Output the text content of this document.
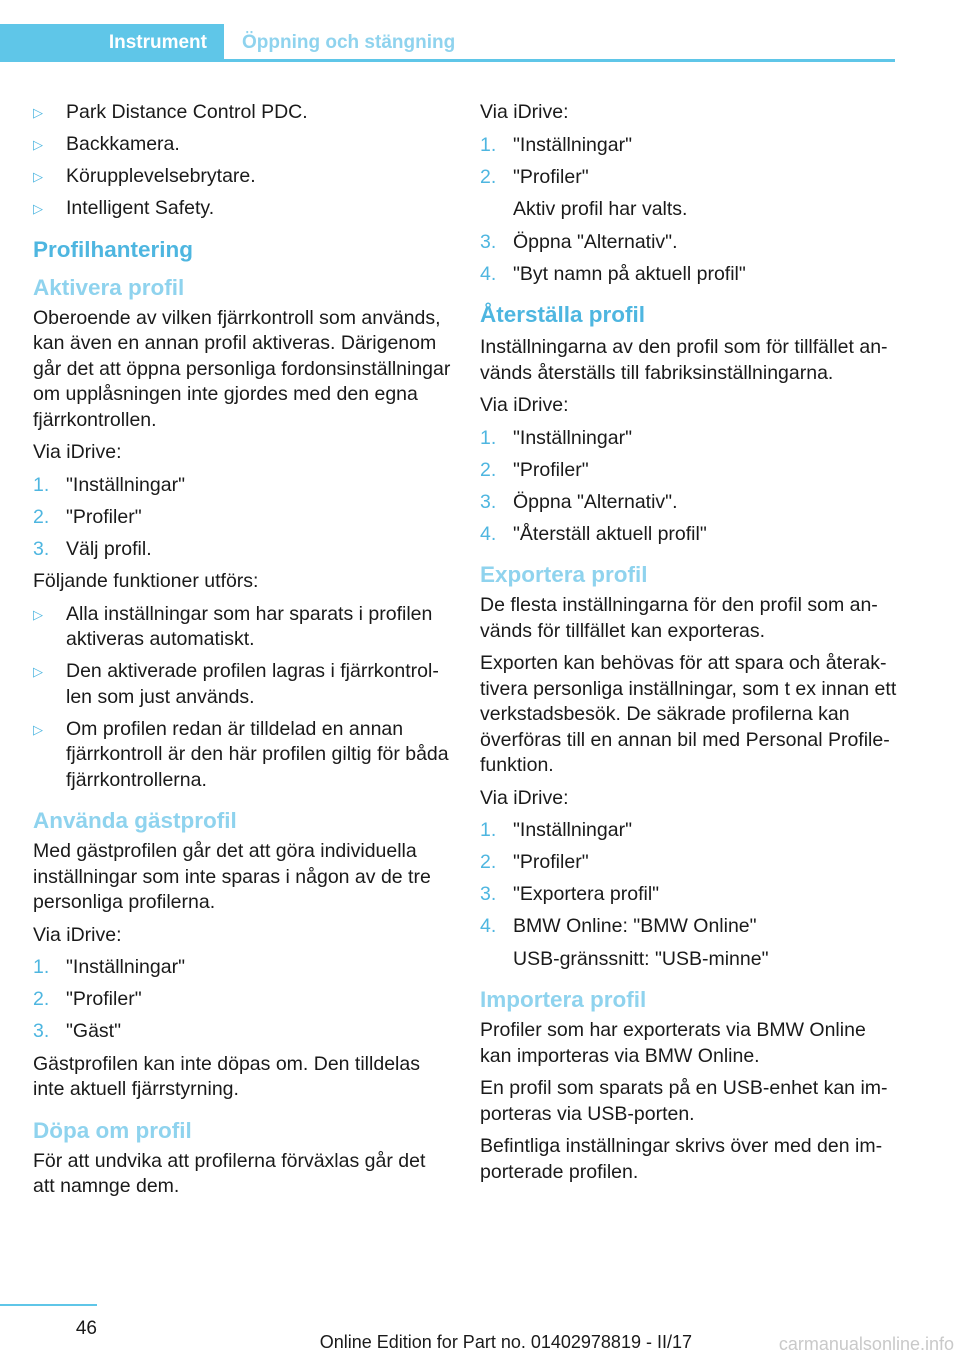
Instrument	Öppning och stängning
▷ Park Distance Control PDC.
▷ Backkamera.
▷ Körupplevelsebrytare.
▷ Intelligent Safety.
Profilhantering
Aktivera profil

Oberoende av vilken fjärrkontroll som används, kan även en annan profil aktiveras. Därigenom går det att öppna personliga fordonsinställningar om upplåsningen inte gjordes med den egna fjärrkontrollen.

Via iDrive:

1. "Inställningar"
2. "Profiler"
3. Välj profil.

Följande funktioner utförs:

▷ Alla inställningar som har sparats i profilen aktiveras automatiskt.
▷ Den aktiverade profilen lagras i fjärrkontrollen som just används.
▷ Om profilen redan är tilldelad en annan fjärrkontroll är den här profilen giltig för båda fjärrkontrollerna.
Använda gästprofil

Med gästprofilen går det att göra individuella inställningar som inte sparas i någon av de tre personliga profilerna.

Via iDrive:

1. "Inställningar"
2. "Profiler"
3. "Gäst"

Gästprofilen kan inte döpas om. Den tilldelas inte aktuell fjärrstyrning.

Döpa om profil

För att undvika att profilerna förväxlas går det att namnge dem.

Via iDrive:

1. "Inställningar"
2. "Profiler"

Aktiv profil har valts.

3. Öppna "Alternativ".
4. "Byt namn på aktuell profil"
Återställa profil

Inställningarna av den profil som för tillfället används återställs till fabriksinställningarna.

Via iDrive:

1. "Inställningar"
2. "Profiler"
3. Öppna "Alternativ".
4. "Återställ aktuell profil"
Exportera profil

De flesta inställningarna för den profil som används för tillfället kan exporteras.

Exporten kan behövas för att spara och återaktivera personliga inställningar, som t ex innan ett verkstadsbesök. De säkrade profilerna kan överföras till en annan bil med Personal Profile-funktion.

Via iDrive:

1. "Inställningar"
2. "Profiler"
3. "Exportera profil"
4. BMW Online: "BMW Online"

USB-gränssnitt: "USB-minne"

Importera profil

Profiler som har exporterats via BMW Online kan importeras via BMW Online.

En profil som sparats på en USB-enhet kan importeras via USB-porten.

Befintliga inställningar skrivs över med den importerade profilen.

46
Online Edition for Part no. 01402978819 - II/17	carmanualsonline.info
